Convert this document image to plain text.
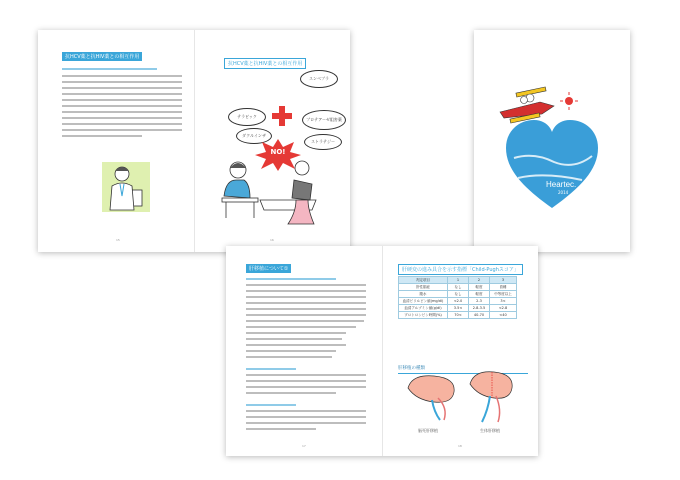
抗HCV薬と抗HIV薬との相互作用
15
抗HCV薬と抗HIV薬との相互作用
スンベプラ
テラビック
ダクルインザ
プロテアーゼ阻害薬
ストラテジー
NO!
16
Heartec.
2014
肝移植について①
17
肝硬変の進み具合を示す指標「Child-Pughスコア」
判定項目	1	2	3
肝性脳症	なし	軽度	昏睡
腹水	なし	軽度	中等度以上
血清ビリルビン値(mg/dl)	<2.0	2-3	3<
血清アルブミン値(g/dl)	3.5<	2.8-3.5	<2.8
プロトロンビン時間(%)	70<	40-70	<40
肝移植の種類
脳死肝移植	生体肝移植
18
